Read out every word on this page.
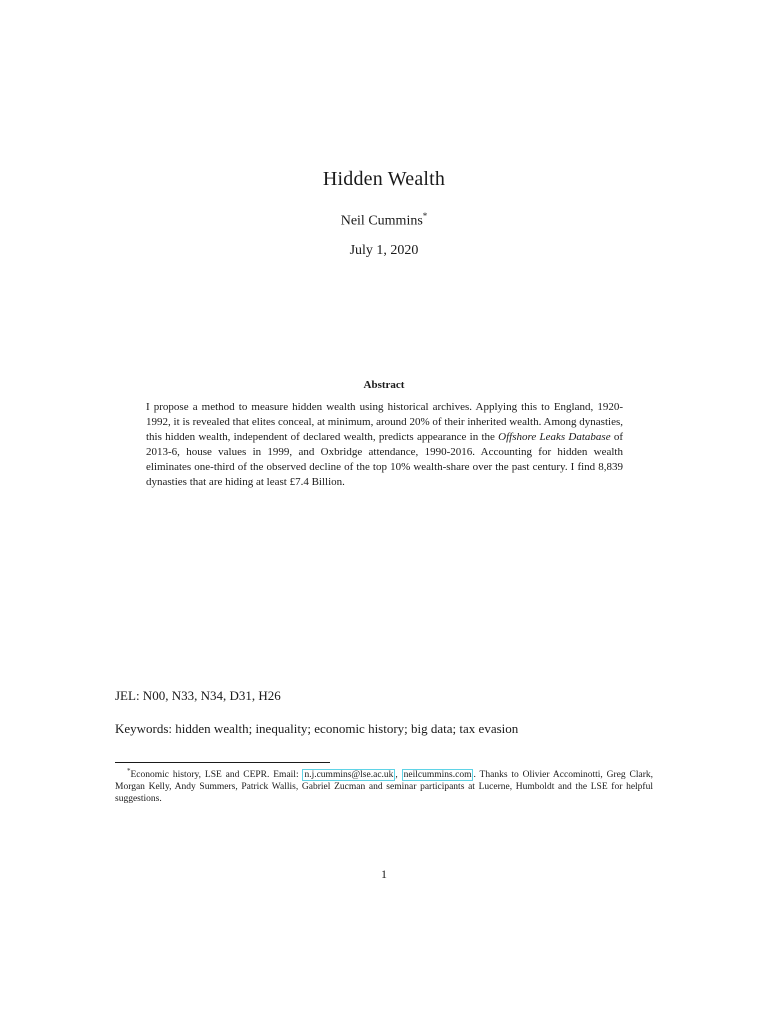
Hidden Wealth
Neil Cummins*
July 1, 2020
Abstract
I propose a method to measure hidden wealth using historical archives. Applying this to England, 1920-1992, it is revealed that elites conceal, at minimum, around 20% of their inherited wealth. Among dynasties, this hidden wealth, independent of declared wealth, predicts appearance in the Offshore Leaks Database of 2013-6, house values in 1999, and Oxbridge attendance, 1990-2016. Accounting for hidden wealth eliminates one-third of the observed decline of the top 10% wealth-share over the past century. I find 8,839 dynasties that are hiding at least £7.4 Billion.
JEL: N00, N33, N34, D31, H26
Keywords: hidden wealth; inequality; economic history; big data; tax evasion
*Economic history, LSE and CEPR. Email: n.j.cummins@lse.ac.uk , neilcummins.com . Thanks to Olivier Accominotti, Greg Clark, Morgan Kelly, Andy Summers, Patrick Wallis, Gabriel Zucman and seminar participants at Lucerne, Humboldt and the LSE for helpful suggestions.
1
